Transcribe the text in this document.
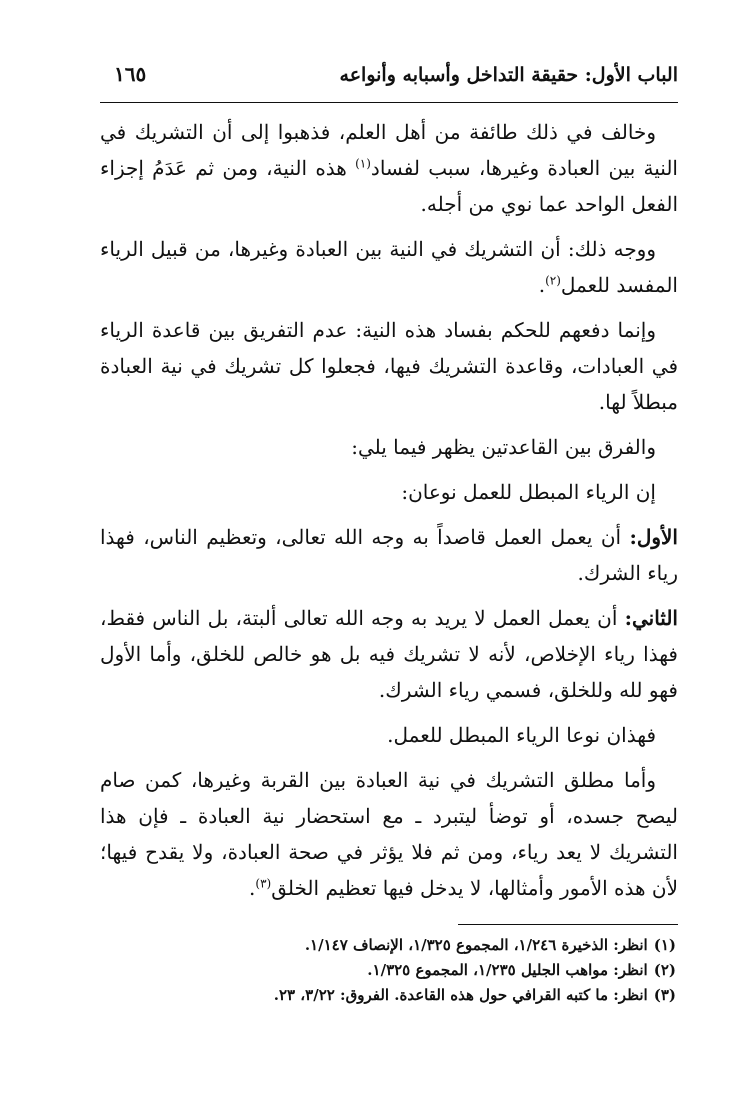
الباب الأول: حقيقة التداخل وأسبابه وأنواعه
١٦٥

وخالف في ذلك طائفة من أهل العلم، فذهبوا إلى أن التشريك في النية بين العبادة وغيرها، سبب لفساد$^{(١)}$ هذه النية، ومن ثم عَدَمُ إجزاء الفعل الواحد عما نوي من أجله.

ووجه ذلك: أن التشريك في النية بين العبادة وغيرها، من قبيل الرياء المفسد للعمل$^{(٢)}$.

وإنما دفعهم للحكم بفساد هذه النية: عدم التفريق بين قاعدة الرياء في العبادات، وقاعدة التشريك فيها، فجعلوا كل تشريك في نية العبادة مبطلاً لها.

والفرق بين القاعدتين يظهر فيما يلي:

إن الرياء المبطل للعمل نوعان:

الأول: أن يعمل العمل قاصداً به وجه الله تعالى، وتعظيم الناس، فهذا رياء الشرك.

الثاني: أن يعمل العمل لا يريد به وجه الله تعالى ألبتة، بل الناس فقط، فهذا رياء الإخلاص، لأنه لا تشريك فيه بل هو خالص للخلق، وأما الأول فهو لله وللخلق، فسمي رياء الشرك.

فهذان نوعا الرياء المبطل للعمل.

وأما مطلق التشريك في نية العبادة بين القربة وغيرها، كمن صام ليصح جسده، أو توضأ ليتبرد ـ مع استحضار نية العبادة ـ فإن هذا التشريك لا يعد رياء، ومن ثم فلا يؤثر في صحة العبادة، ولا يقدح فيها؛ لأن هذه الأمور وأمثالها، لا يدخل فيها تعظيم الخلق$^{(٣)}$.

(١)انظر: الذخيرة ١/٢٤٦، المجموع ١/٣٢٥، الإنصاف ١/١٤٧.

(٢)انظر: مواهب الجليل ١/٢٣٥، المجموع ١/٣٢٥.

(٣)انظر: ما كتبه القرافي حول هذه القاعدة. الفروق: ٣/٢٢، ٢٣.
